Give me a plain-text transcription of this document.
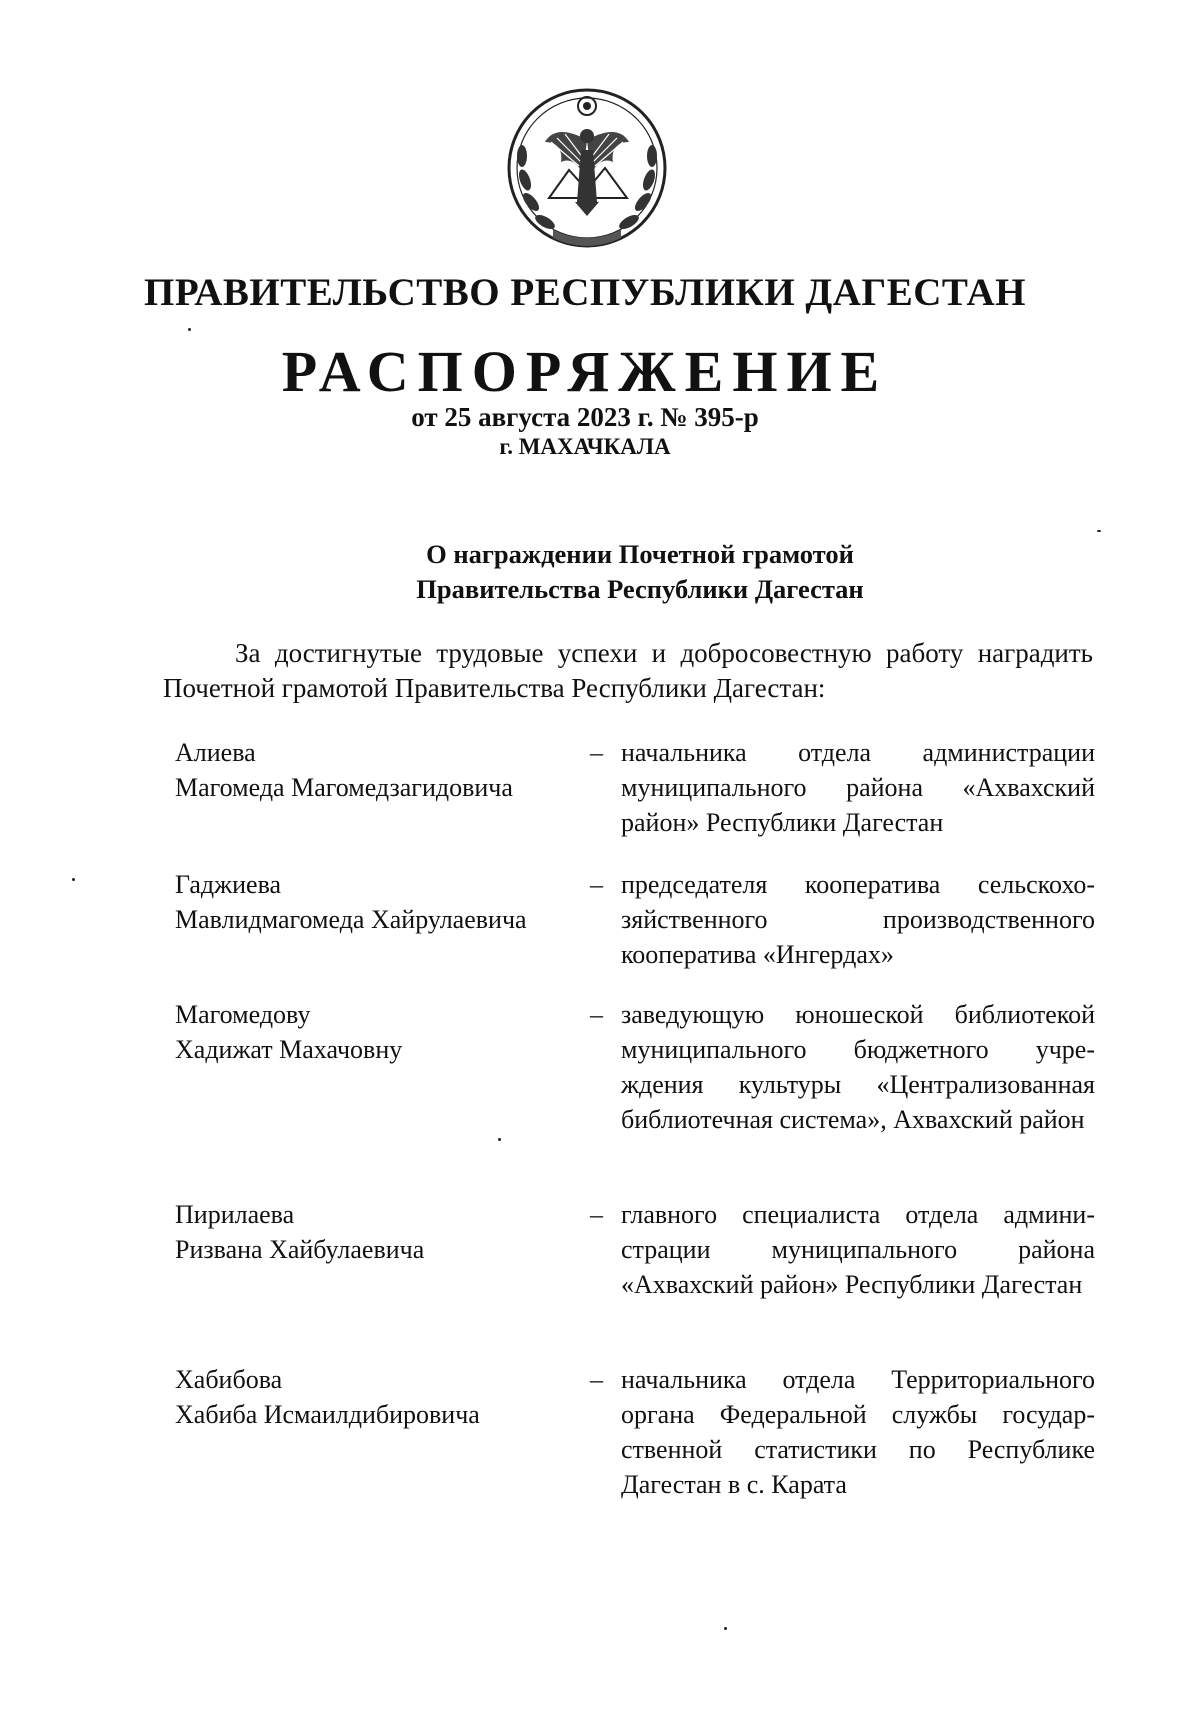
ПРАВИТЕЛЬСТВО РЕСПУБЛИКИ ДАГЕСТАН
РАСПОРЯЖЕНИЕ
от 25 августа 2023 г. № 395-р
г. МАХАЧКАЛА
О награждении Почетной грамотой
Правительства Республики Дагестан
За достигнутые трудовые успехи и добросовестную работу наградить Почетной грамотой Правительства Республики Дагестан:
Алиева
Магомеда Магомедзагидовича
– начальника отдела администрации муниципального района «Ахвахский район» Республики Дагестан
Гаджиева
Мавлидмагомеда Хайрулаевича
– председателя кооператива сельскохо-зяйственного производственного кооператива «Ингердах»
Магомедову
Хадижат Махачовну
– заведующую юношеской библиотекой муниципального бюджетного учре-ждения культуры «Централизованная библиотечная система», Ахвахский район
Пирилаева
Ризвана Хайбулаевича
– главного специалиста отдела админи-страции муниципального района «Ахвахский район» Республики Дагестан
Хабибова
Хабиба Исмаилдибировича
– начальника отдела Территориального органа Федеральной службы государ-ственной статистики по Республике Дагестан в с. Карата
